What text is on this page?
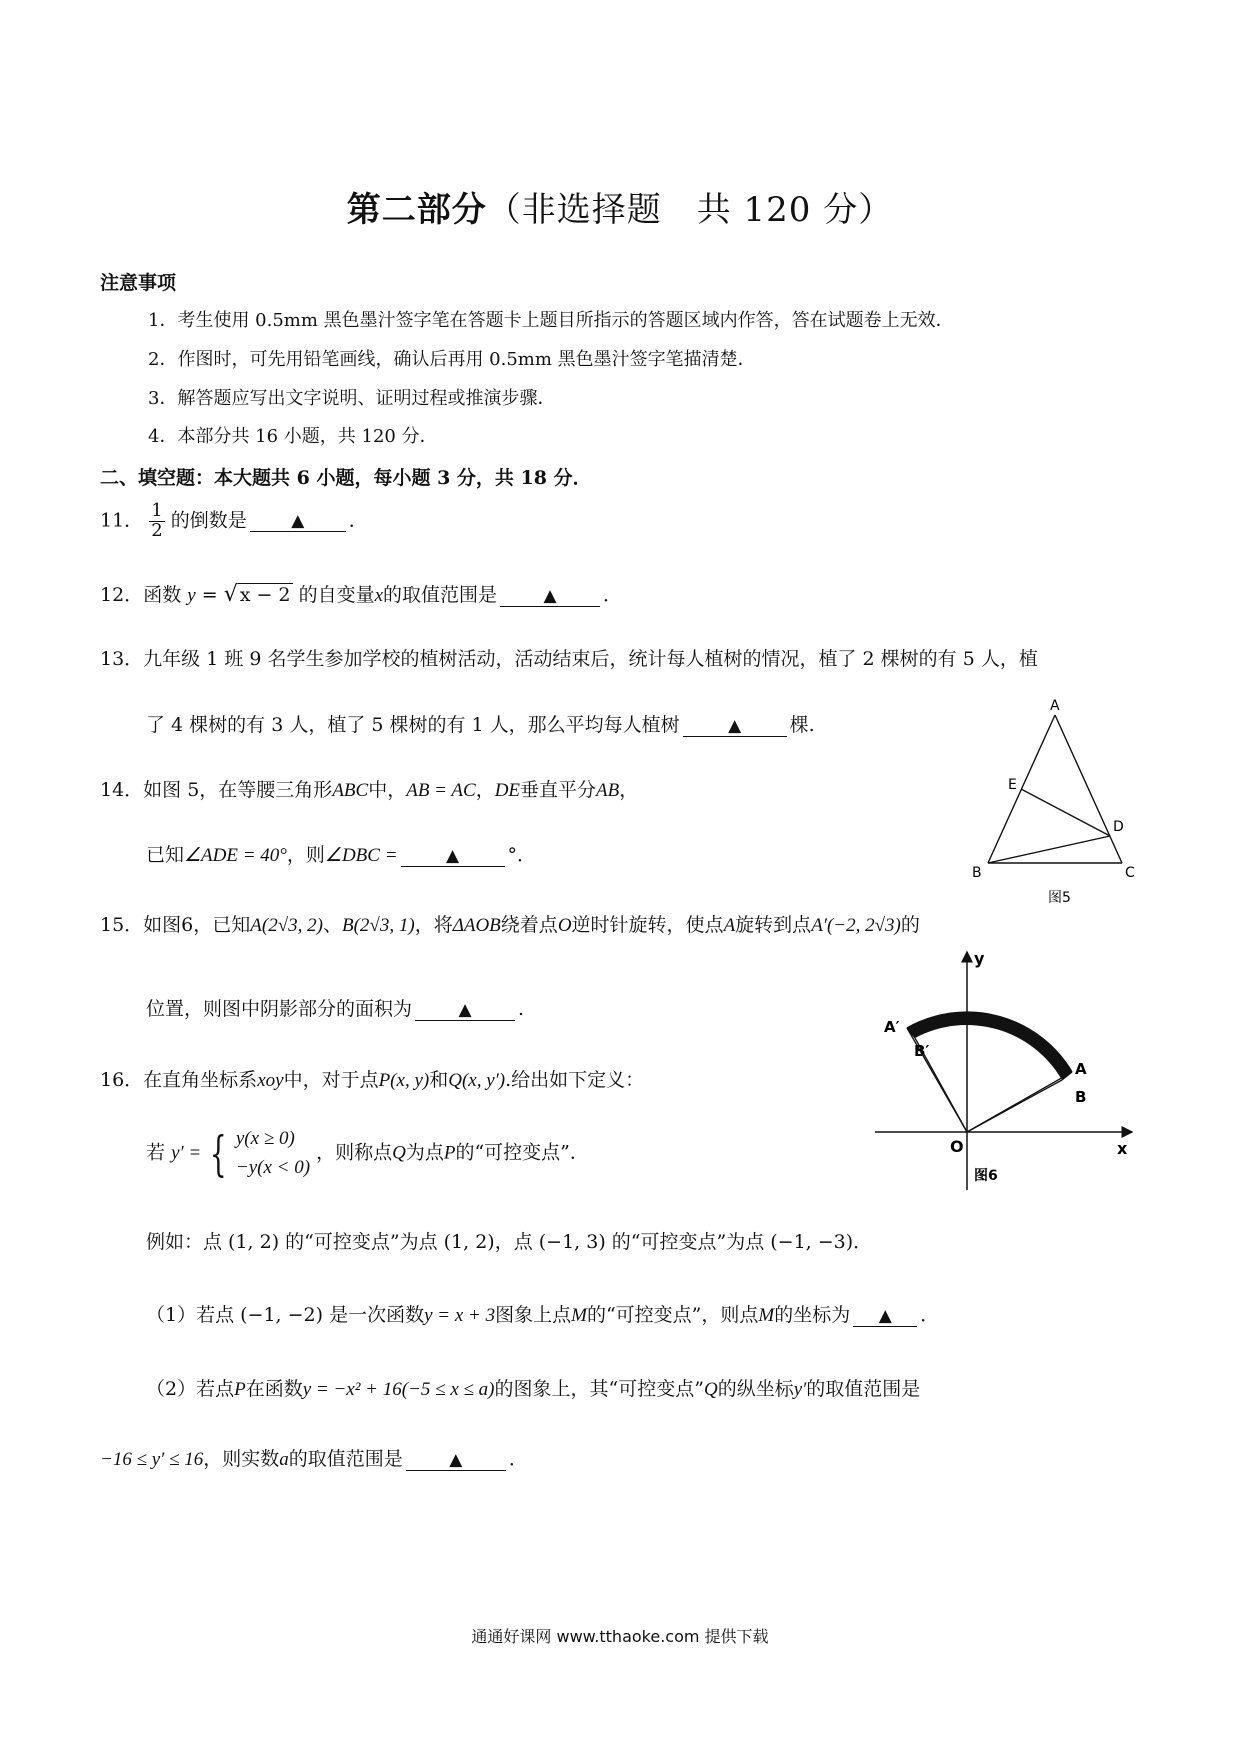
第二部分（非选择题　共 120 分）
注意事项
1．考生使用 0.5mm 黑色墨汁签字笔在答题卡上题目所指示的答题区域内作答，答在试题卷上无效．
2．作图时，可先用铅笔画线，确认后再用 0.5mm 黑色墨汁签字笔描清楚．
3．解答题应写出文字说明、证明过程或推演步骤．
4．本部分共 16 小题，共 120 分．
二、填空题：本大题共 6 小题，每小题 3 分，共 18 分．
11． $\frac{1}{2}$ 的倒数是	▲ ．
12．函数 y = √ x − 2 的自变量x的取值范围是	▲ ．
13．九年级 1 班 9 名学生参加学校的植树活动，活动结束后，统计每人植树的情况，植了 2 棵树的有 5 人，植
了 4 棵树的有 3 人，植了 5 棵树的有 1 人，那么平均每人植树	▲	棵.
14．如图 5，在等腰三角形ABC中，AB = AC，DE垂直平分AB，
已知∠ADE = 40°，则∠DBC =	▲	°．
A
E
D
B	C
图5
15．如图6，已知A(2√3, 2)、B(2√3, 1)，将ΔAOB绕着点O逆时针旋转，使点A旋转到点A′(−2, 2√3)的
位置，则图中阴影部分的面积为	▲ .
y
x
O
A′
B′
A
B
图6
16．在直角坐标系xoy中，对于点P(x, y)和Q(x, y′).给出如下定义：
若 y′ = { y(x ≥ 0)
−y(x < 0)
，则称点Q为点P的“可控变点”．
例如：点 (1, 2) 的“可控变点”为点 (1, 2)，点 (−1, 3) 的“可控变点”为点 (−1, −3)．
（1）若点 (−1, −2) 是一次函数y = x + 3图象上点M的“可控变点”，则点M的坐标为 ▲ ．
（2）若点P在函数y = −x² + 16(−5 ≤ x ≤ a)的图象上，其“可控变点”Q的纵坐标y′的取值范围是
−16 ≤ y′ ≤ 16，则实数a的取值范围是	▲ ．
通通好课网 www.tthaoke.com 提供下载
